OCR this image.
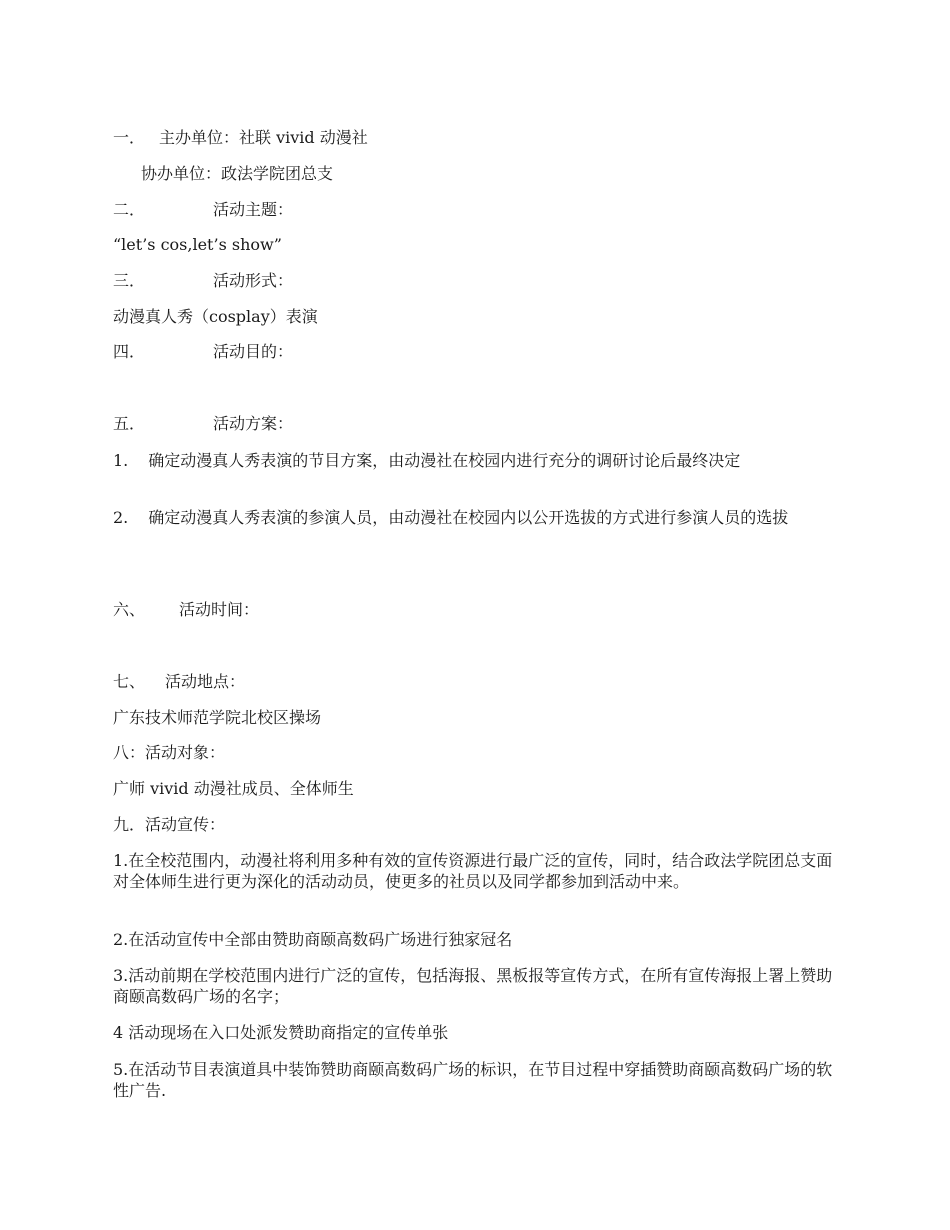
一． 主办单位：社联 vivid 动漫社
协办单位：政法学院团总支
二．	活动主题：
“let’s cos,let’s show”
三．	活动形式：
动漫真人秀（cosplay）表演
四．	活动目的：
五．	活动方案：
1. 确定动漫真人秀表演的节目方案，由动漫社在校园内进行充分的调研讨论后最终决定
2. 确定动漫真人秀表演的参演人员，由动漫社在校园内以公开选拔的方式进行参演人员的选拔
六、 活动时间：
七、 活动地点：
广东技术师范学院北校区操场
八：活动对象：
广师 vivid 动漫社成员、全体师生
九．活动宣传：
1.在全校范围内，动漫社将利用多种有效的宣传资源进行最广泛的宣传，同时，结合政法学院团总支面对全体师生进行更为深化的活动动员，使更多的社员以及同学都参加到活动中来。
2.在活动宣传中全部由赞助商颐高数码广场进行独家冠名
3.活动前期在学校范围内进行广泛的宣传，包括海报、黑板报等宣传方式，在所有宣传海报上署上赞助商颐高数码广场的名字；
4 活动现场在入口处派发赞助商指定的宣传单张
5.在活动节目表演道具中装饰赞助商颐高数码广场的标识，在节目过程中穿插赞助商颐高数码广场的软性广告.
